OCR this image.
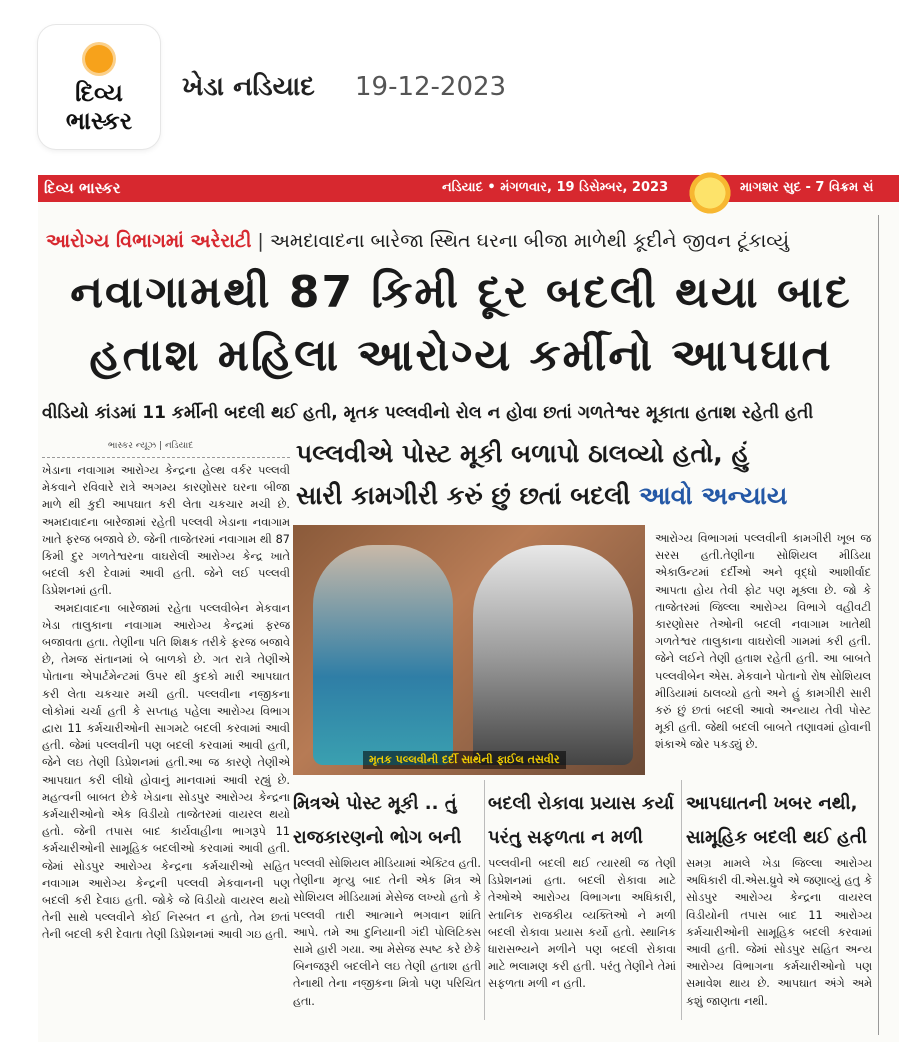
દિવ્ય ભાસ્કર
ખેડા નડિયાદ 19-12-2023
દિવ્ય ભાસ્કર	નડિયાદ • મંગળવાર, 19 ડિસેમ્બર, 2023	માગશર સુદ - 7 વિક્રમ સં
આરોગ્ય વિભાગમાં અરેરાટી | અમદાવાદના બારેજા સ્થિત ઘરના બીજા માળેથી કૂદીને જીવન ટૂંકાવ્યું
નવાગામથી 87 કિમી દૂર બદલી થયા બાદ
હતાશ મહિલા આરોગ્ય કર્મીનો આપઘાત
વીડિયો કાંડમાં 11 કર્મીની બદલી થઈ હતી, મૃતક પલ્લવીનો રોલ ન હોવા છતાં ગળતેશ્વર મૂકાતા હતાશ રહેતી હતી
ભાસ્કર ન્યૂઝ | નડિયાદ

ખેડાના નવાગામ આરોગ્ય કેન્દ્રના હેલ્થ વર્કર પલ્લવી મેકવાને રવિવારે રાત્રે અગમ્ય કારણોસર ઘરના બીજા માળે થી કુદી આપઘાત કરી લેતા ચકચાર મચી છે. અમદાવાદના બારેજામાં રહેતી પલ્લવી ખેડાના નવાગામ ખાતે ફરજ બજાવે છે. જેની તાજેતરમાં નવાગામ થી 87 કિમી દુર ગળતેશ્વરના વાઘરોલી આરોગ્ય કેન્દ્ર ખાતે બદલી કરી દેવામાં આવી હતી. જેને લઈ પલ્લવી ડિપ્રેશનમાં હતી.

અમદાવાદના બારેજામાં રહેતા પલ્લવીબેન મેકવાન ખેડા તાલુકાના નવાગામ આરોગ્ય કેન્દ્રમાં ફરજ બજાવતા હતા. તેણીના પતિ શિક્ષક તરીકે ફરજ બજાવે છે, તેમજ સંતાનમાં બે બાળકો છે. ગત રાત્રે તેણીએ પોતાના એપાર્ટમેન્ટમાં ઉપર થી કુદકો મારી આપઘાત કરી લેતા ચકચાર મચી હતી. પલ્લવીના નજીકના લોકોમાં ચર્ચા હતી કે સપ્તાહ પહેલા આરોગ્ય વિભાગ દ્વારા 11 કર્મચારીઓની સાગમટે બદલી કરવામાં આવી હતી. જેમાં પલ્લવીની પણ બદલી કરવામાં આવી હતી, જેને લઇ તેણી ડિપ્રેશનમાં હતી.આ જ કારણે તેણીએ આપઘાત કરી લીધો હોવાનું માનવામાં આવી રહ્યું છે. મહત્વની બાબત છેકે ખેડાના સોડપુર આરોગ્ય કેન્દ્રના કર્મચારીઓનો એક વિડીયો તાજેતરમાં વાયરલ થયો હતો. જેની તપાસ બાદ કાર્યવાહીના ભાગરૂપે 11 કર્મચારીઓની સામૂહિક બદલીઓ કરવામાં આવી હતી. જેમાં સોડપુર આરોગ્ય કેન્દ્રના કર્મચારીઓ સહિત નવાગામ આરોગ્ય કેન્દ્રની પલ્લવી મેકવાનની પણ બદલી કરી દેવાઇ હતી. જોકે જે વિડીયો વાયરલ થયો તેની સાથે પલ્લવીને કોઈ નિસ્બત ન હતો, તેમ છતાં તેની બદલી કરી દેવાતા તેણી ડિપ્રેશનમાં આવી ગઇ હતી.

પલ્લવીએ પોસ્ટ મૂકી બળાપો ઠાલવ્યો હતો, હું
સારી કામગીરી કરું છું છતાં બદલી આવો અન્યાય
મૃતક પલ્લવીની દર્દી સાથેની ફાઈલ તસવીર
આરોગ્ય વિભાગમાં પલ્લવીની કામગીરી ખૂબ જ સરસ હતી.તેણીના સોશિયલ મીડિયા એકાઉન્ટમાં દર્દીઓ અને વૃદ્ધો આશીર્વાદ આપતા હોય તેવી ફોટ પણ મૂક્લા છે. જો કે તાજેતરમાં જિલ્લા આરોગ્ય વિભાગે વહીવટી કારણોસર તેઓની બદલી નવાગામ ખાતેથી ગળતેશ્વર તાલુકાના વાઘરોલી ગામમાં કરી હતી. જેને લઈને તેણી હતાશ રહેતી હતી. આ બાબતે પલ્લવીબેન એસ. મેકવાને પોતાનો રોષ સોશિયલ મીડિયામાં ઠાલવ્યો હતો અને હું કામગીરી સારી કરું છું છતાં બદલી આવો અન્યાય તેવી પોસ્ટ મૂકી હતી. જેથી બદલી બાબતે તણાવમાં હોવાની શંકાએ જોર પકડ્યું છે.
મિત્રએ પોસ્ટ મૂકી .. તું
રાજકારણનો ભોગ બની
બદલી રોકાવા પ્રયાસ કર્યા
પરંતુ સફળતા ન મળી
આપઘાતની ખબર નથી,
સામૂહિક બદલી થઈ હતી
પલ્લવી સોશિયલ મીડિયામાં એક્ટિવ હતી. તેણીના મૃત્યુ બાદ તેની એક મિત્ર એ સોશિયલ મીડિયામાં મેસેજ લખ્યો હતો કે પલ્લવી તારી આત્માને ભગવાન શાંતિ આપે. તમે આ દુનિયાની ગંદી પોલિટિક્સ સામે હારી ગયા. આ મેસેજ સ્પષ્ટ કરે છેકે બિનજરૂરી બદલીને લઇ તેણી હતાશ હતી તેનાથી તેના નજીકના મિત્રો પણ પરિચિત હતા.
પલ્લવીની બદલી થઈ ત્યારથી જ તેણી ડિપ્રેશનમાં હતા. બદલી રોકાવા માટે તેઓએ આરોગ્ય વિભાગના અધિકારી, સ્તાનિક રાજકીય વ્યક્તિઓ ને મળી બદલી રોકાવા પ્રયાસ કર્યો હતો. સ્થાનિક ધારાસભ્યને મળીને પણ બદલી રોકાવા માટે ભલામણ કરી હતી. પરંતુ તેણીને તેમાં સફળતા મળી ન હતી.
સમગ્ર મામલે ખેડા જિલ્લા આરોગ્ય અધિકારી વી.એસ.ધ્રુવે એ જણાવ્યું હતુ કે સોડપુર આરોગ્ય કેન્દ્રના વાયરલ વિડીયોની તપાસ બાદ 11 આરોગ્ય કર્મચારીઓની સામૂહિક બદલી કરવામાં આવી હતી. જેમાં સોડપુર સહિત અન્ય આરોગ્ય વિભાગના કર્મચારીઓનો પણ સમાવેશ થાય છે. આપઘાત અંગે અમે કશું જાણતા નથી.
